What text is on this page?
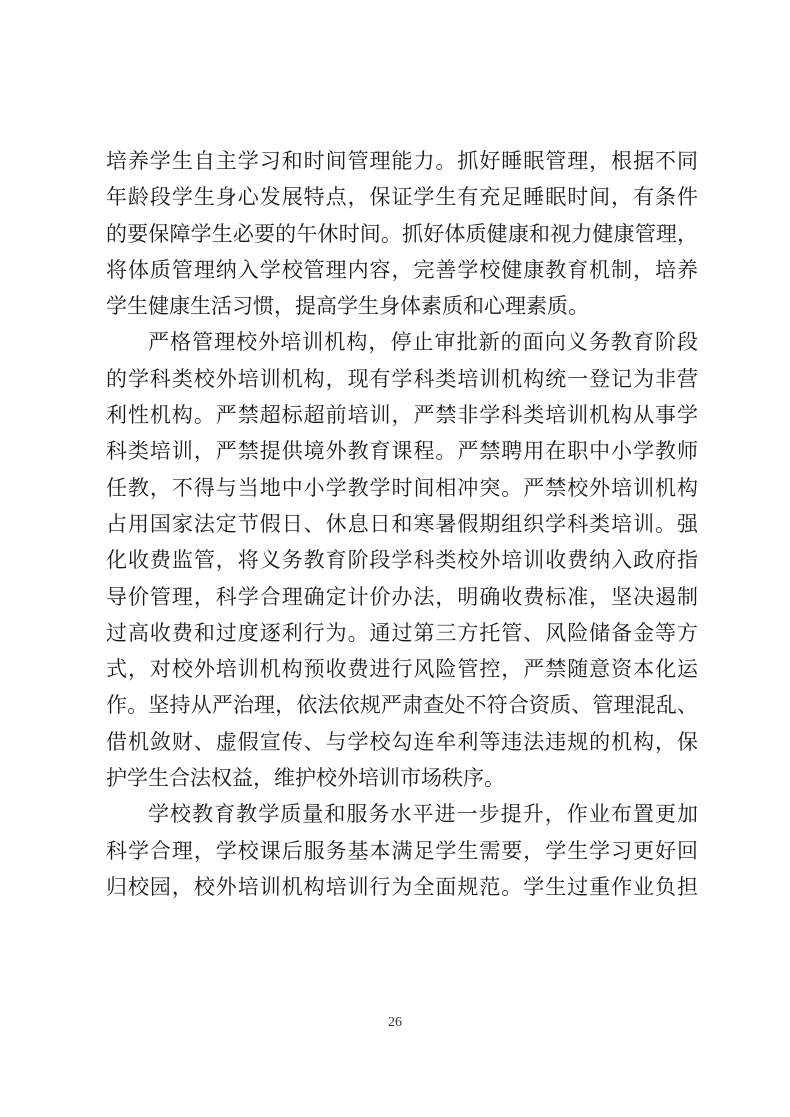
培养学生自主学习和时间管理能力。抓好睡眠管理，根据不同
年龄段学生身心发展特点，保证学生有充足睡眠时间，有条件
的要保障学生必要的午休时间。抓好体质健康和视力健康管理，
将体质管理纳入学校管理内容，完善学校健康教育机制，培养
学生健康生活习惯，提高学生身体素质和心理素质。
严格管理校外培训机构，停止审批新的面向义务教育阶段
的学科类校外培训机构，现有学科类培训机构统一登记为非营
利性机构。严禁超标超前培训，严禁非学科类培训机构从事学
科类培训，严禁提供境外教育课程。严禁聘用在职中小学教师
任教，不得与当地中小学教学时间相冲突。严禁校外培训机构
占用国家法定节假日、休息日和寒暑假期组织学科类培训。强
化收费监管，将义务教育阶段学科类校外培训收费纳入政府指
导价管理，科学合理确定计价办法，明确收费标准，坚决遏制
过高收费和过度逐利行为。通过第三方托管、风险储备金等方
式，对校外培训机构预收费进行风险管控，严禁随意资本化运
作。坚持从严治理，依法依规严肃查处不符合资质、管理混乱、
借机敛财、虚假宣传、与学校勾连牟利等违法违规的机构，保
护学生合法权益，维护校外培训市场秩序。
学校教育教学质量和服务水平进一步提升，作业布置更加
科学合理，学校课后服务基本满足学生需要，学生学习更好回
归校园，校外培训机构培训行为全面规范。学生过重作业负担
26
